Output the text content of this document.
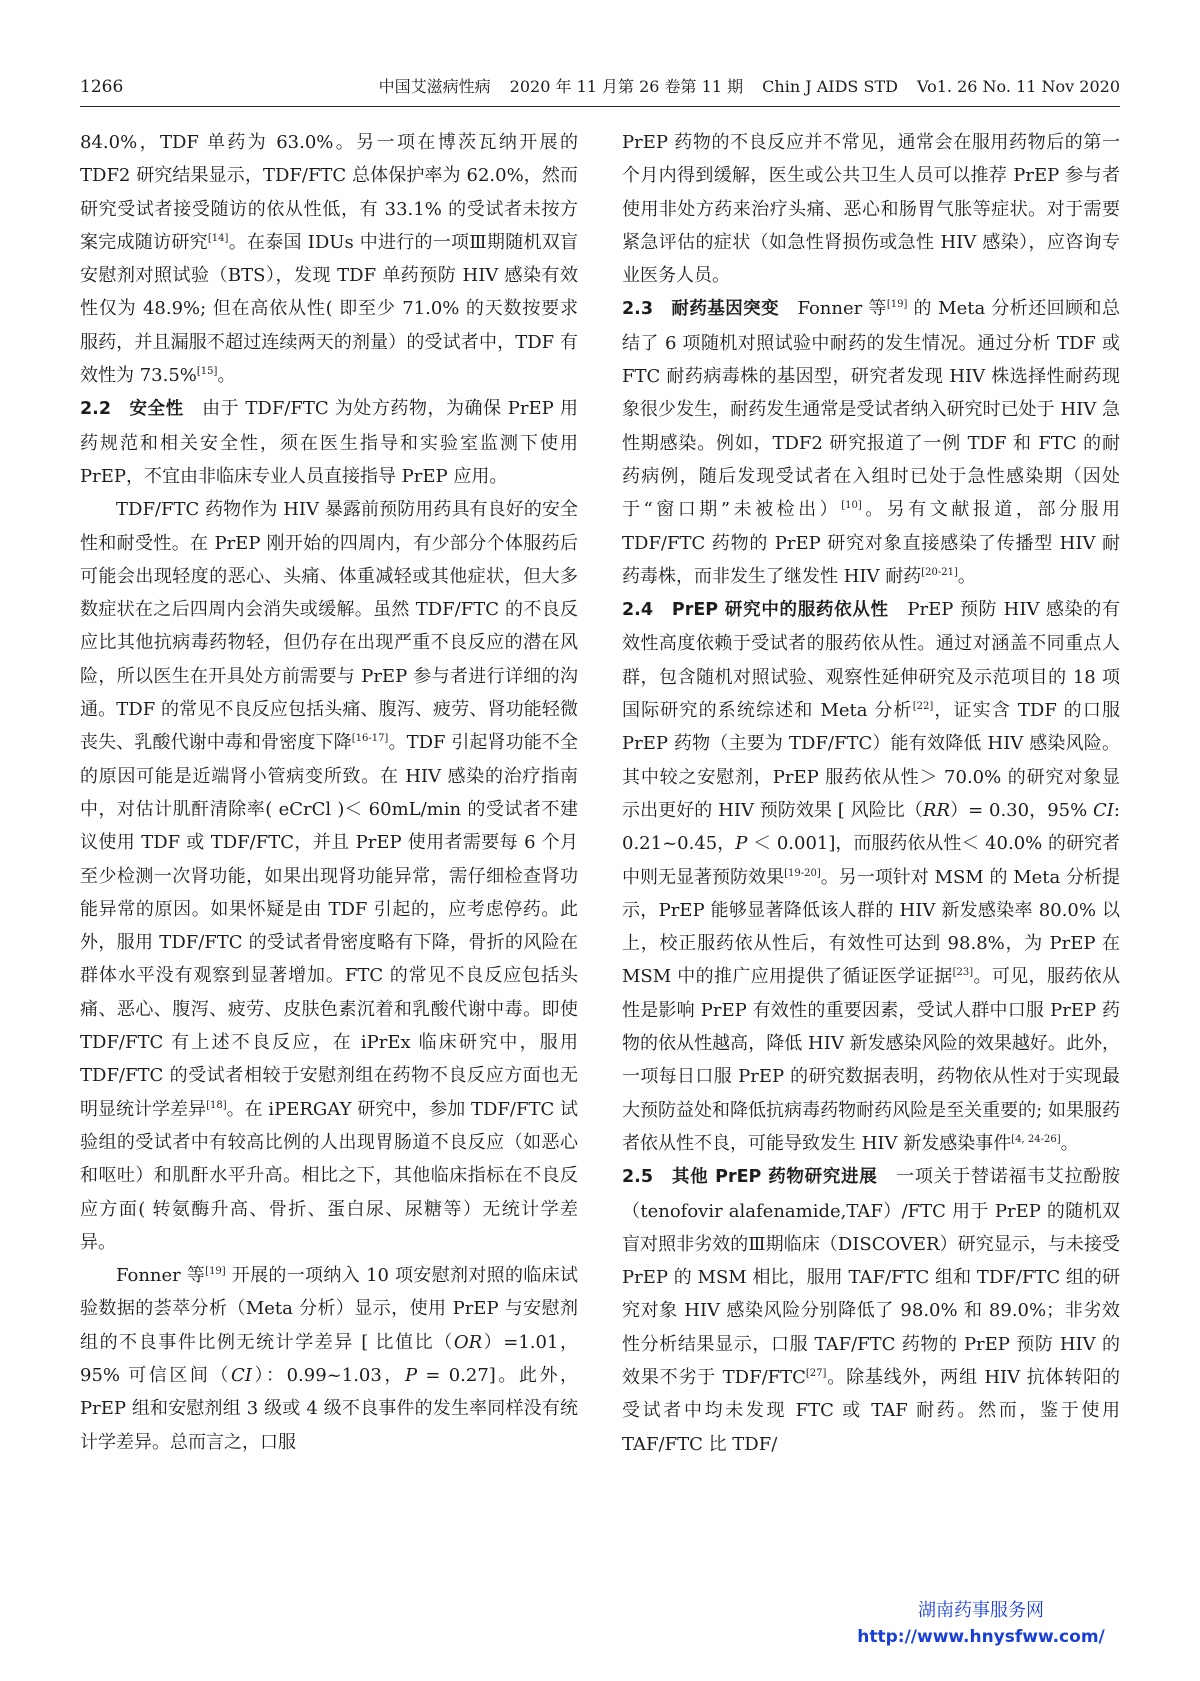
1266	中国艾滋病性病 2020 年 11 月第 26 卷第 11 期 Chin J AIDS STD Vo1. 26 No. 11 Nov 2020

84.0%，TDF 单药为 63.0%。另一项在博茨瓦纳开展的 TDF2 研究结果显示，TDF/FTC 总体保护率为 62.0%，然而研究受试者接受随访的依从性低，有 33.1% 的受试者未按方案完成随访研究[14]。在泰国 IDUs 中进行的一项Ⅲ期随机双盲安慰剂对照试验（BTS），发现 TDF 单药预防 HIV 感染有效性仅为 48.9%; 但在高依从性( 即至少 71.0% 的天数按要求服药，并且漏服不超过连续两天的剂量）的受试者中，TDF 有效性为 73.5%[15]。

2.2　安全性　由于 TDF/FTC 为处方药物，为确保 PrEP 用药规范和相关安全性，须在医生指导和实验室监测下使用 PrEP，不宜由非临床专业人员直接指导 PrEP 应用。

TDF/FTC 药物作为 HIV 暴露前预防用药具有良好的安全性和耐受性。在 PrEP 刚开始的四周内，有少部分个体服药后可能会出现轻度的恶心、头痛、体重减轻或其他症状，但大多数症状在之后四周内会消失或缓解。虽然 TDF/FTC 的不良反应比其他抗病毒药物轻，但仍存在出现严重不良反应的潜在风险，所以医生在开具处方前需要与 PrEP 参与者进行详细的沟通。TDF 的常见不良反应包括头痛、腹泻、疲劳、肾功能轻微丧失、乳酸代谢中毒和骨密度下降[16-17]。TDF 引起肾功能不全的原因可能是近端肾小管病变所致。在 HIV 感染的治疗指南中，对估计肌酐清除率( eCrCl )＜ 60mL/min 的受试者不建议使用 TDF 或 TDF/FTC，并且 PrEP 使用者需要每 6 个月至少检测一次肾功能，如果出现肾功能异常，需仔细检查肾功能异常的原因。如果怀疑是由 TDF 引起的，应考虑停药。此外，服用 TDF/FTC 的受试者骨密度略有下降，骨折的风险在群体水平没有观察到显著增加。FTC 的常见不良反应包括头痛、恶心、腹泻、疲劳、皮肤色素沉着和乳酸代谢中毒。即使 TDF/FTC 有上述不良反应，在 iPrEx 临床研究中，服用 TDF/FTC 的受试者相较于安慰剂组在药物不良反应方面也无明显统计学差异[18]。在 iPERGAY 研究中，参加 TDF/FTC 试验组的受试者中有较高比例的人出现胃肠道不良反应（如恶心和呕吐）和肌酐水平升高。相比之下，其他临床指标在不良反应方面( 转氨酶升高、骨折、蛋白尿、尿糖等）无统计学差异。

Fonner 等[19] 开展的一项纳入 10 项安慰剂对照的临床试验数据的荟萃分析（Meta 分析）显示，使用 PrEP 与安慰剂组的不良事件比例无统计学差异 [ 比值比（OR）=1.01，95% 可信区间（CI）：0.99~1.03，P = 0.27]。此外，PrEP 组和安慰剂组 3 级或 4 级不良事件的发生率同样没有统计学差异。总而言之，口服

PrEP 药物的不良反应并不常见，通常会在服用药物后的第一个月内得到缓解，医生或公共卫生人员可以推荐 PrEP 参与者使用非处方药来治疗头痛、恶心和肠胃气胀等症状。对于需要紧急评估的症状（如急性肾损伤或急性 HIV 感染），应咨询专业医务人员。

2.3　耐药基因突变　Fonner 等[19] 的 Meta 分析还回顾和总结了 6 项随机对照试验中耐药的发生情况。通过分析 TDF 或 FTC 耐药病毒株的基因型，研究者发现 HIV 株选择性耐药现象很少发生，耐药发生通常是受试者纳入研究时已处于 HIV 急性期感染。例如，TDF2 研究报道了一例 TDF 和 FTC 的耐药病例，随后发现受试者在入组时已处于急性感染期（因处于“窗口期”未被检出）[10]。另有文献报道，部分服用 TDF/FTC 药物的 PrEP 研究对象直接感染了传播型 HIV 耐药毒株，而非发生了继发性 HIV 耐药[20-21]。

2.4　PrEP 研究中的服药依从性　PrEP 预防 HIV 感染的有效性高度依赖于受试者的服药依从性。通过对涵盖不同重点人群，包含随机对照试验、观察性延伸研究及示范项目的 18 项国际研究的系统综述和 Meta 分析[22]，证实含 TDF 的口服 PrEP 药物（主要为 TDF/FTC）能有效降低 HIV 感染风险。其中较之安慰剂，PrEP 服药依从性＞ 70.0% 的研究对象显示出更好的 HIV 预防效果 [ 风险比（RR）= 0.30，95% CI: 0.21~0.45，P ＜ 0.001]，而服药依从性＜ 40.0% 的研究者中则无显著预防效果[19-20]。另一项针对 MSM 的 Meta 分析提示，PrEP 能够显著降低该人群的 HIV 新发感染率 80.0% 以上，校正服药依从性后，有效性可达到 98.8%，为 PrEP 在 MSM 中的推广应用提供了循证医学证据[23]。可见，服药依从性是影响 PrEP 有效性的重要因素，受试人群中口服 PrEP 药物的依从性越高，降低 HIV 新发感染风险的效果越好。此外，一项每日口服 PrEP 的研究数据表明，药物依从性对于实现最大预防益处和降低抗病毒药物耐药风险是至关重要的; 如果服药者依从性不良，可能导致发生 HIV 新发感染事件[4, 24-26]。

2.5　其他 PrEP 药物研究进展　一项关于替诺福韦艾拉酚胺（tenofovir alafenamide,TAF）/FTC 用于 PrEP 的随机双盲对照非劣效的Ⅲ期临床（DISCOVER）研究显示，与未接受 PrEP 的 MSM 相比，服用 TAF/FTC 组和 TDF/FTC 组的研究对象 HIV 感染风险分别降低了 98.0% 和 89.0%；非劣效性分析结果显示，口服 TAF/FTC 药物的 PrEP 预防 HIV 的效果不劣于 TDF/FTC[27]。除基线外，两组 HIV 抗体转阳的受试者中均未发现 FTC 或 TAF 耐药。然而，鉴于使用 TAF/FTC 比 TDF/

湖南药事服务网
http://www.hnysfww.com/
